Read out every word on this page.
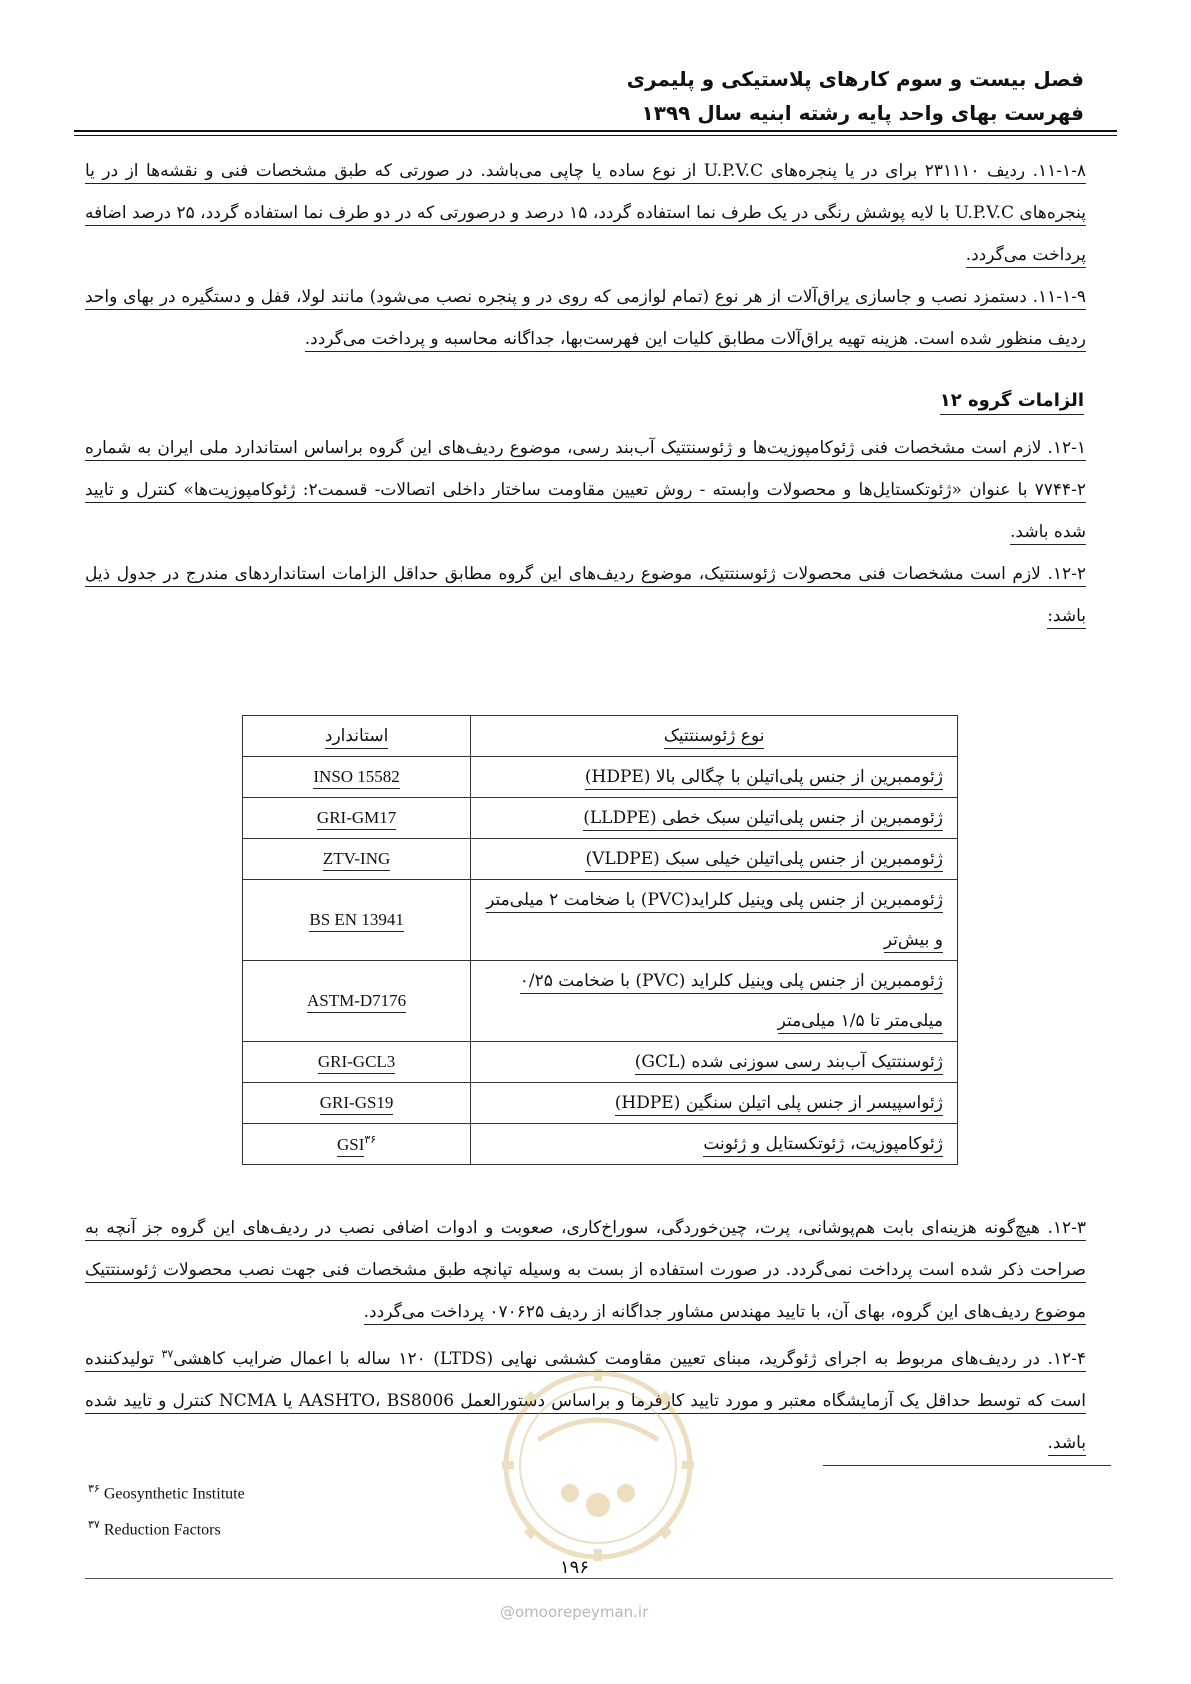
فصل بیست و سوم کارهای پلاستیکی و پلیمری
فهرست بهای واحد پایه رشته ابنیه سال ۱۳۹۹

۱۱-۱-۸. ردیف ۲۳۱۱۱۰ برای در یا پنجره‌های U.P.V.C از نوع ساده یا چاپی می‌باشد. در صورتی که طبق مشخصات فنی و نقشه‌ها از در یا پنجره‌های U.P.V.C با لایه پوشش رنگی در یک طرف نما استفاده گردد، ۱۵ درصد و درصورتی که در دو طرف نما استفاده گردد، ۲۵ درصد اضافه پرداخت می‌گردد.

۱۱-۱-۹. دستمزد نصب و جاسازی یراق‌آلات از هر نوع (تمام لوازمی که روی در و پنجره نصب می‌شود) مانند لولا، قفل و دستگیره در بهای واحد ردیف منظور شده است. هزینه تهیه یراق‌آلات مطابق کلیات این فهرست‌بها، جداگانه محاسبه و پرداخت می‌گردد.

الزامات گروه ۱۲

۱۲-۱. لازم است مشخصات فنی ژئوکامپوزیت‌ها و ژئوسنتتیک آب‌بند رسی، موضوع ردیف‌های این گروه براساس استاندارد ملی ایران به شماره ۲-۷۷۴۴ با عنوان «ژئوتکستایل‌ها و محصولات وابسته - روش تعیین مقاومت ساختار داخلی اتصالات- قسمت۲: ژئوکامپوزیت‌ها» کنترل و تایید شده باشد.

۱۲-۲. لازم است مشخصات فنی محصولات ژئوسنتتیک، موضوع ردیف‌های این گروه مطابق حداقل الزامات استانداردهای مندرج در جدول ذیل باشد:

نوع ژئوسنتتیک	استاندارد
ژئوممبرین از جنس پلی‌اتیلن با چگالی بالا (HDPE)	INSO 15582
ژئوممبرین از جنس پلی‌اتیلن سبک خطی (LLDPE)	GRI-GM17
ژئوممبرین از جنس پلی‌اتیلن خیلی سبک (VLDPE)	ZTV-ING
ژئوممبرین از جنس پلی وینیل کلراید(PVC) با ضخامت ۲ میلی‌متر و بیش‌تر	BS EN 13941
ژئوممبرین از جنس پلی وینیل کلراید (PVC) با ضخامت ۰/۲۵ میلی‌متر تا ۱/۵ میلی‌متر	ASTM-D7176
ژئوسنتتیک آب‌بند رسی سوزنی شده (GCL)	GRI-GCL3
ژئواسپیسر از جنس پلی اتیلن سنگین (HDPE)	GRI-GS19
ژئوکامپوزیت، ژئوتکستایل و ژئونت	GSI$^{۳۶}$

۱۲-۳. هیچ‌گونه هزینه‌ای بابت هم‌پوشانی، پرت، چین‌خوردگی، سوراخ‌کاری، صعوبت و ادوات اضافی نصب در ردیف‌های این گروه جز آنچه به صراحت ذکر شده است پرداخت نمی‌گردد. در صورت استفاده از بست به وسیله تپانچه طبق مشخصات فنی جهت نصب محصولات ژئوسنتتیک موضوع ردیف‌های این گروه، بهای آن، با تایید مهندس مشاور جداگانه از ردیف ۰۷۰۶۲۵ پرداخت می‌گردد.

۱۲-۴. در ردیف‌های مربوط به اجرای ژئوگرید، مبنای تعیین مقاومت کششی نهایی (LTDS) ۱۲۰ ساله با اعمال ضرایب کاهشی$^{۳۷}$ تولیدکننده است که توسط حداقل یک آزمایشگاه معتبر و مورد تایید کارفرما و براساس دستورالعمل AASHTO، BS8006 یا NCMA کنترل و تایید شده باشد.

$^{۳۶}$ Geosynthetic Institute
$^{۳۷}$ Reduction Factors
۱۹۶
@omoorepeyman.ir
